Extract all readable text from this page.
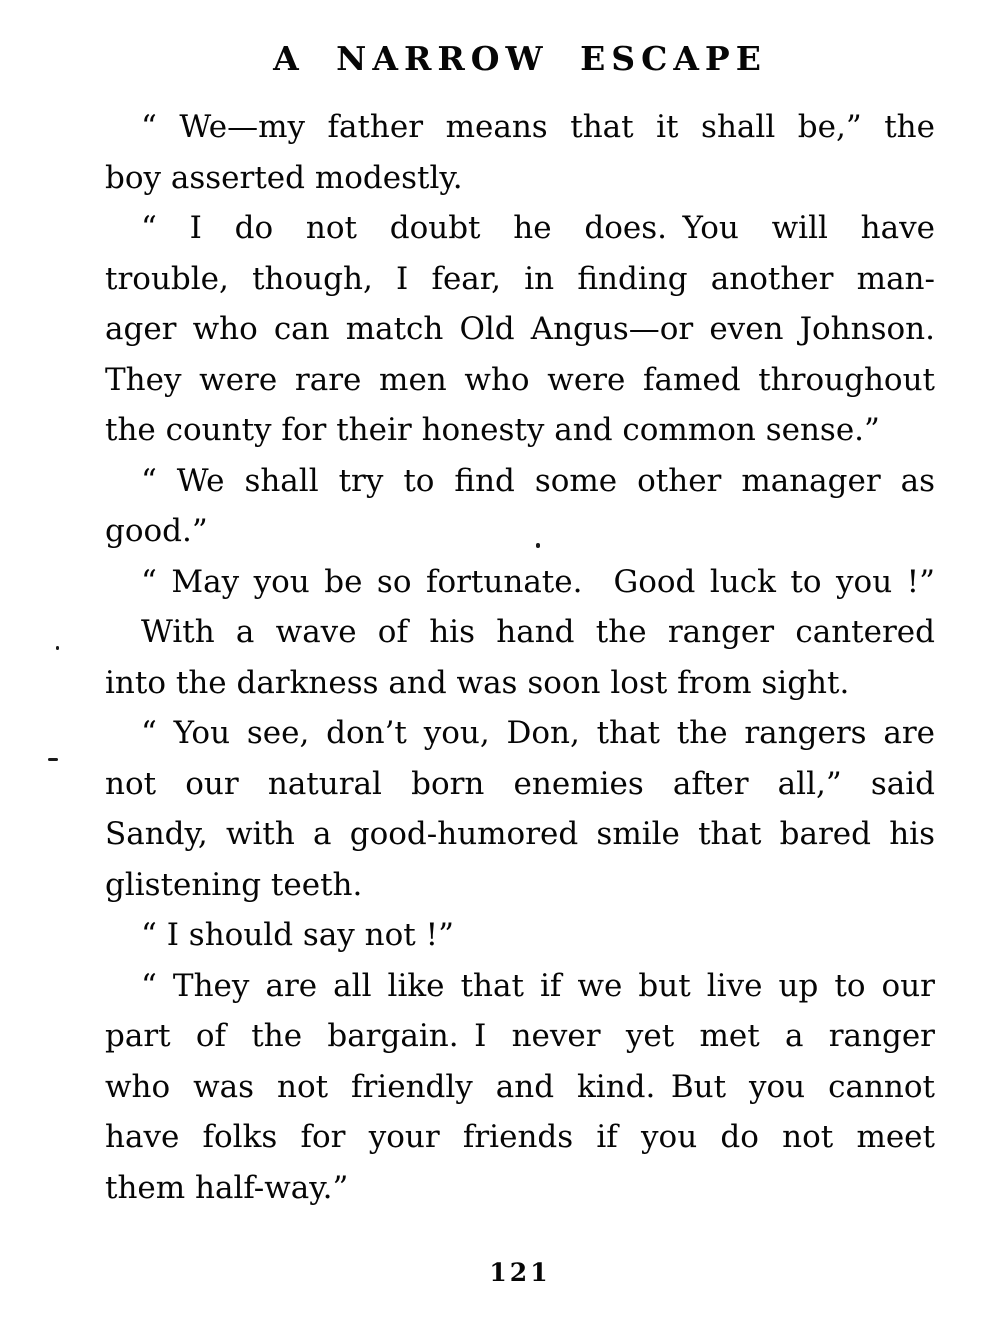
A NARROW ESCAPE
“ We—my father means that it shall be,” the
boy asserted modestly.
“ I do not doubt he does. You will have
trouble, though, I fear, in finding another man-
ager who can match Old Angus—or even Johnson.
They were rare men who were famed throughout
the county for their honesty and common sense.”
“ We shall try to find some other manager as
good.”
“ May you be so fortunate.  Good luck to you !”
With a wave of his hand the ranger cantered
into the darkness and was soon lost from sight.
“ You see, don’t you, Don, that the rangers are
not our natural born enemies after all,” said
Sandy, with a good-humored smile that bared his
glistening teeth.
“ I should say not !”
“ They are all like that if we but live up to our
part of the bargain. I never yet met a ranger
who was not friendly and kind. But you cannot
have folks for your friends if you do not meet
them half-way.”
121
